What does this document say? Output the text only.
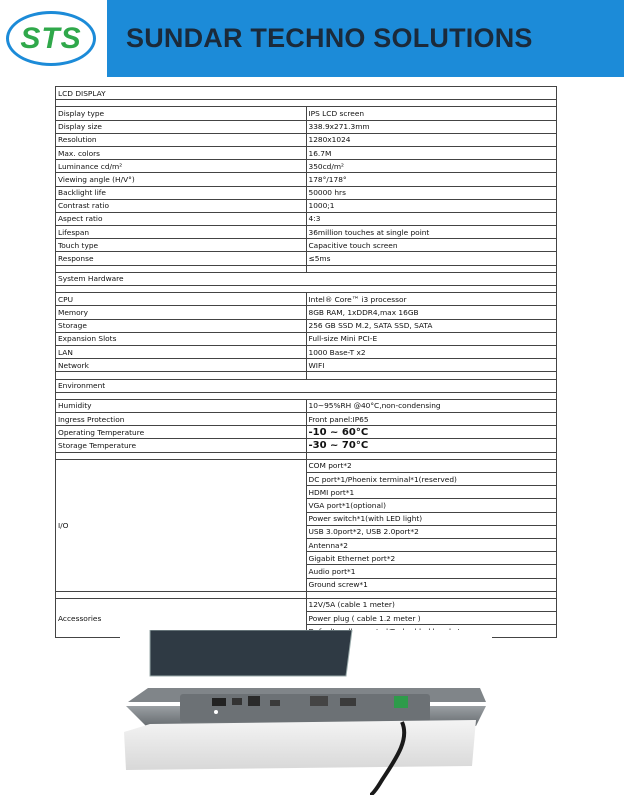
STS SUNDAR TECHNO SOLUTIONS
LCD DISPLAY	

Display type	IPS LCD screen
Display size	338.9x271.3mm
Resolution	1280x1024
Max. colors	16.7M
Luminance cd/m²	350cd/m²
Viewing angle (H/V°)	178°/178°
Backlight life	50000 hrs
Contrast ratio	1000;1
Aspect ratio	4:3
Lifespan	36million touches at single point
Touch type	Capacitive touch screen
Response	≤5ms

System Hardware	

CPU	Intel® Core™ i3 processor
Memory	8GB RAM, 1xDDR4,max 16GB
Storage	256 GB SSD M.2, SATA SSD, SATA
Expansion Slots	Full-size Mini PCI-E
LAN	1000 Base-T x2
Network	WIFI

Environment	

Humidity	10~95%RH @40°C,non-condensing
Ingress Protection	Front panel:IP65
Operating Temperature	-10 ~ 60°C
Storage Temperature	-30 ~ 70°C

I/O	COM port*2
	DC port*1/Phoenix terminal*1(reserved)
	HDMI port*1
	VGA port*1(optional)
	Power switch*1(with LED light)
	USB 3.0port*2, USB 2.0port*2
	Antenna*2
	Gigabit Ethernet port*2
	Audio port*1
	Ground screw*1

Accessories	12V/5A (cable 1 meter)
	Power plug ( cable 1.2 meter )
